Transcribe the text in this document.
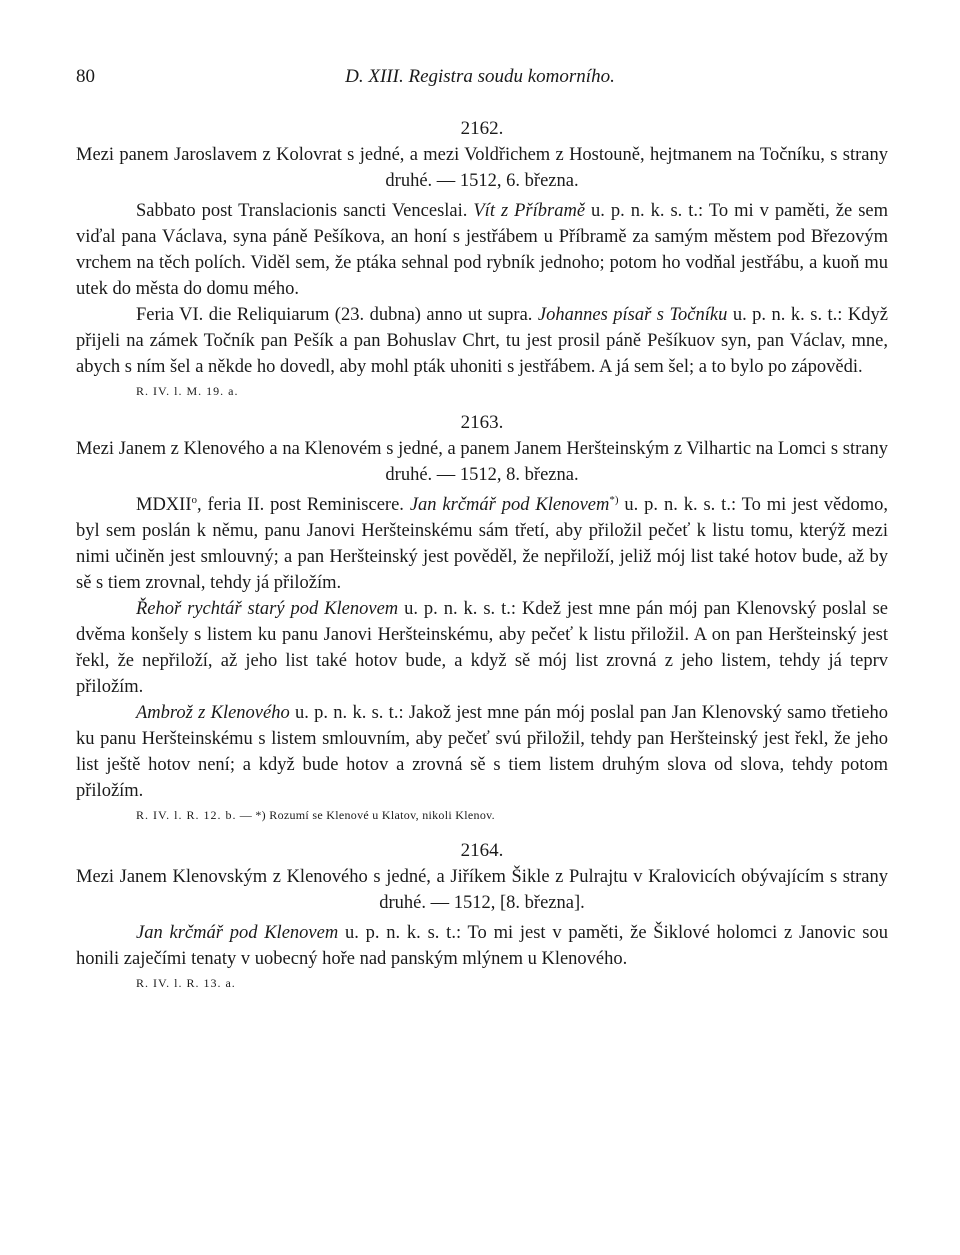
80	D. XIII. Registra soudu komorního.

2162.

Mezi panem Jaroslavem z Kolovrat s jedné, a mezi Voldřichem z Hostouně, hejtmanem na Točníku, s strany druhé. — 1512, 6. března.

Sabbato post Translacionis sancti Venceslai. Vít z Příbramě u. p. n. k. s. t.: To mi v paměti, že sem viďal pana Václava, syna páně Pešíkova, an honí s jestřábem u Příbramě za samým městem pod Březovým vrchem na těch polích. Viděl sem, že ptáka sehnal pod rybník jednoho; potom ho vodňal jestřábu, a kuoň mu utek do města do domu mého.

Feria VI. die Reliquiarum (23. dubna) anno ut supra. Johannes písař s Točníku u. p. n. k. s. t.: Když přijeli na zámek Točník pan Pešík a pan Bohuslav Chrt, tu jest prosil páně Pešíkuov syn, pan Václav, mne, abych s ním šel a někde ho dovedl, aby mohl pták uhoniti s jestřábem. A já sem šel; a to bylo po zápovědi.

R. IV. l. M. 19. a.

2163.

Mezi Janem z Klenového a na Klenovém s jedné, a panem Janem Heršteinským z Vilhartic na Lomci s strany druhé. — 1512, 8. března.

MDXII$^o$, feria II. post Reminiscere. Jan krčmář pod Klenovem*) u. p. n. k. s. t.: To mi jest vědomo, byl sem poslán k němu, panu Janovi Heršteinskému sám třetí, aby přiložil pečeť k listu tomu, kterýž mezi nimi učiněn jest smlouvný; a pan Heršteinský jest pověděl, že nepřiloží, jeliž mój list také hotov bude, až by sě s tiem zrovnal, tehdy já přiložím.

Řehoř rychtář starý pod Klenovem u. p. n. k. s. t.: Kdež jest mne pán mój pan Klenovský poslal se dvěma konšely s listem ku panu Janovi Heršteinskému, aby pečeť k listu přiložil. A on pan Heršteinský jest řekl, že nepřiloží, až jeho list také hotov bude, a když sě mój list zrovná z jeho listem, tehdy já teprv přiložím.

Ambrož z Klenového u. p. n. k. s. t.: Jakož jest mne pán mój poslal pan Jan Klenovský samo třetieho ku panu Heršteinskému s listem smlouvním, aby pečeť svú přiložil, tehdy pan Heršteinský jest řekl, že jeho list ještě hotov není; a když bude hotov a zrovná sě s tiem listem druhým slova od slova, tehdy potom přiložím.

R. IV. l. R. 12. b. — *) Rozumí se Klenové u Klatov, nikoli Klenov.

2164.

Mezi Janem Klenovským z Klenového s jedné, a Jiříkem Šikle z Pulrajtu v Kralovicích obývajícím s strany druhé. — 1512, [8. března].

Jan krčmář pod Klenovem u. p. n. k. s. t.: To mi jest v paměti, že Šiklové holomci z Janovic sou honili zaječími tenaty v uobecný hoře nad panským mlýnem u Klenového.

R. IV. l. R. 13. a.
